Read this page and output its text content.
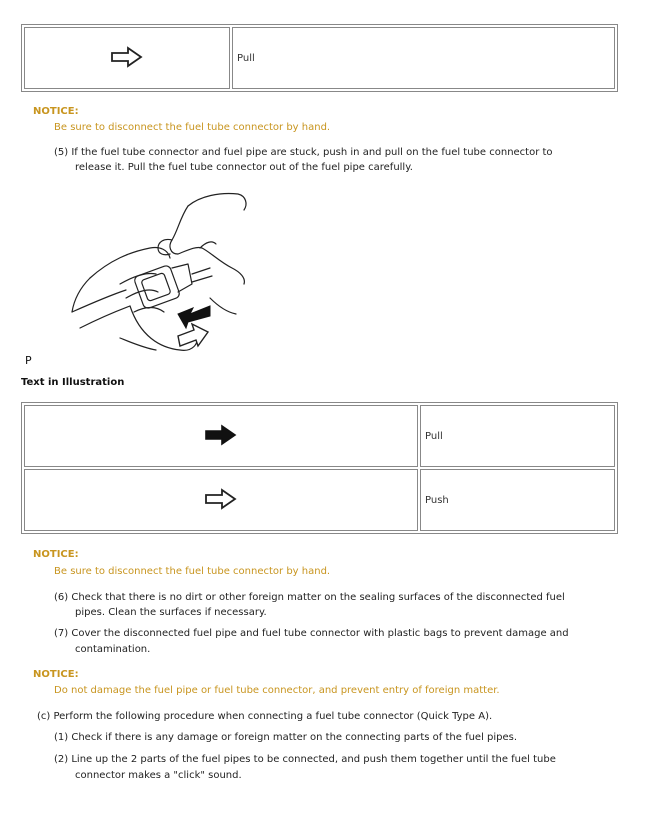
	Pull
NOTICE:
Be sure to disconnect the fuel tube connector by hand.
(5) If the fuel tube connector and fuel pipe are stuck, push in and pull on the fuel tube connector to
release it. Pull the fuel tube connector out of the fuel pipe carefully.
P
Text in Illustration
	Pull
	Push
NOTICE:
Be sure to disconnect the fuel tube connector by hand.
(6) Check that there is no dirt or other foreign matter on the sealing surfaces of the disconnected fuel
pipes. Clean the surfaces if necessary.
(7) Cover the disconnected fuel pipe and fuel tube connector with plastic bags to prevent damage and
contamination.
NOTICE:
Do not damage the fuel pipe or fuel tube connector, and prevent entry of foreign matter.
(c) Perform the following procedure when connecting a fuel tube connector (Quick Type A).
(1) Check if there is any damage or foreign matter on the connecting parts of the fuel pipes.
(2) Line up the 2 parts of the fuel pipes to be connected, and push them together until the fuel tube
connector makes a "click" sound.
